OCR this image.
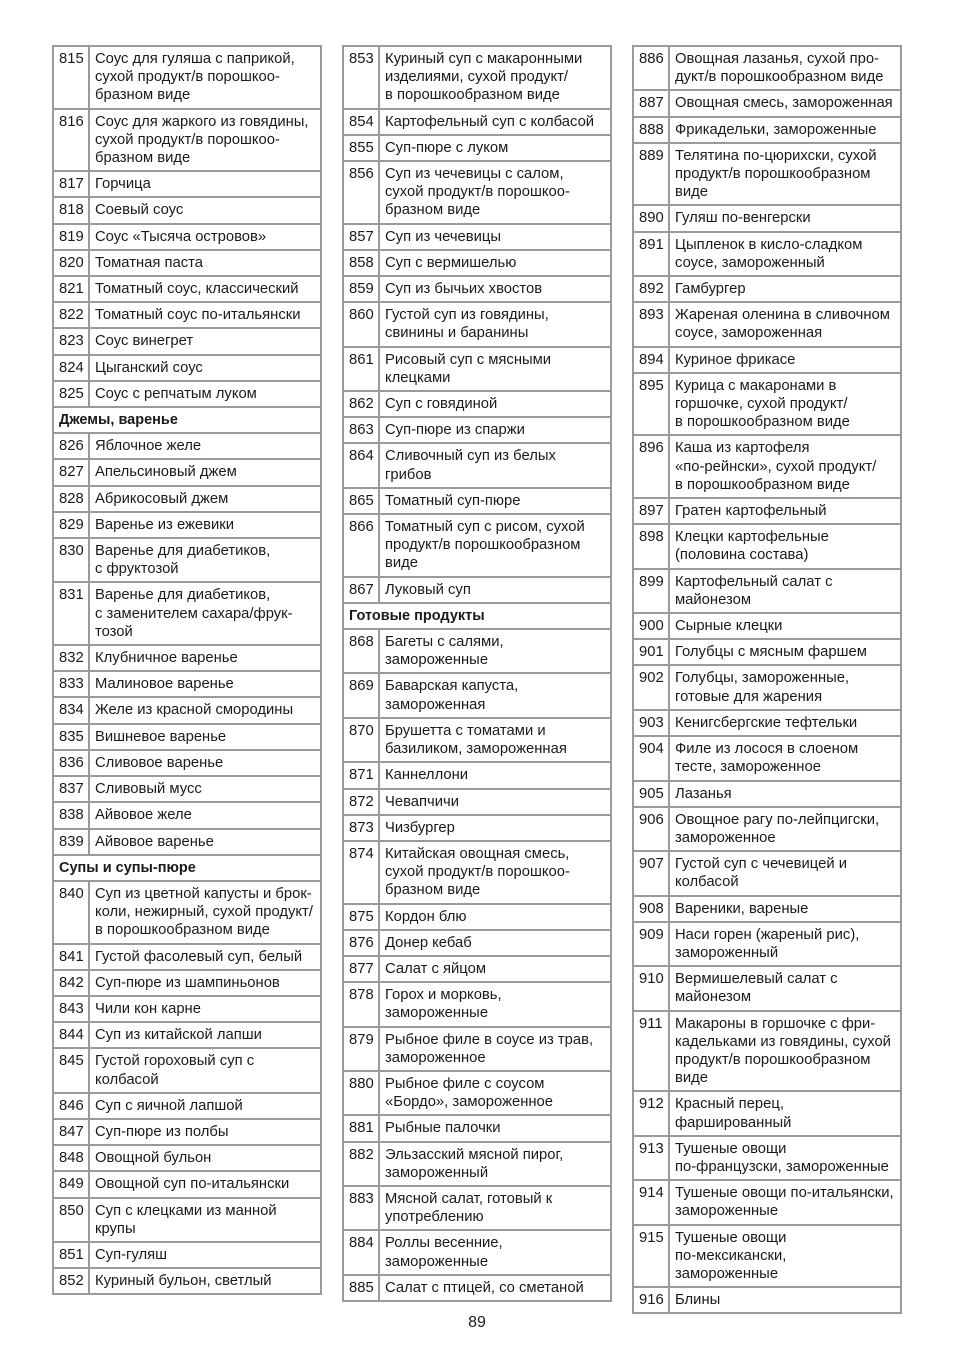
815	Соус для гуляша с паприкой,
сухой продукт/в порошкоо-
бразном виде
816	Соус для жаркого из говядины,
сухой продукт/в порошкоо-
бразном виде
817	Горчица
818	Соевый соус
819	Соус «Тысяча островов»
820	Томатная паста
821	Томатный соус, классический
822	Томатный соус по-итальянски
823	Соус винегрет
824	Цыганский соус
825	Соус с репчатым луком
Джемы, варенье	
826	Яблочное желе
827	Апельсиновый джем
828	Абрикосовый джем
829	Варенье из ежевики
830	Варенье для диабетиков,
с фруктозой
831	Варенье для диабетиков,
с заменителем сахара/фрук-
тозой
832	Клубничное варенье
833	Малиновое варенье
834	Желе из красной смородины
835	Вишневое варенье
836	Сливовое варенье
837	Сливовый мусс
838	Айвовое желе
839	Айвовое варенье
Супы и супы-пюре	
840	Суп из цветной капусты и брок-
коли, нежирный, сухой продукт/
в порошкообразном виде
841	Густой фасолевый суп, белый
842	Суп-пюре из шампиньонов
843	Чили кон карне
844	Суп из китайской лапши
845	Густой гороховый суп с
колбасой
846	Суп с яичной лапшой
847	Суп-пюре из полбы
848	Овощной бульон
849	Овощной суп по-итальянски
850	Суп с клецками из манной
крупы
851	Суп-гуляш
852	Куриный бульон, светлый
853	Куриный суп с макаронными
изделиями, сухой продукт/
в порошкообразном виде
854	Картофельный суп с колбасой
855	Суп-пюре с луком
856	Суп из чечевицы с салом,
сухой продукт/в порошкоо-
бразном виде
857	Суп из чечевицы
858	Суп с вермишелью
859	Суп из бычьих хвостов
860	Густой суп из говядины,
свинины и баранины
861	Рисовый суп с мясными
клецками
862	Суп с говядиной
863	Суп-пюре из спаржи
864	Сливочный суп из белых
грибов
865	Томатный суп-пюре
866	Томатный суп с рисом, сухой
продукт/в порошкообразном
виде
867	Луковый суп
Готовые продукты	
868	Багеты с салями,
замороженные
869	Баварская капуста,
замороженная
870	Брушетта с томатами и
базиликом, замороженная
871	Каннеллони
872	Чевапчичи
873	Чизбургер
874	Китайская овощная смесь,
сухой продукт/в порошкоо-
бразном виде
875	Кордон блю
876	Донер кебаб
877	Салат с яйцом
878	Горох и морковь,
замороженные
879	Рыбное филе в соусе из трав,
замороженное
880	Рыбное филе с соусом
«Бордо», замороженное
881	Рыбные палочки
882	Эльзасский мясной пирог,
замороженный
883	Мясной салат, готовый к
употреблению
884	Роллы весенние,
замороженные
885	Салат с птицей, со сметаной
886	Овощная лазанья, сухой про-
дукт/в порошкообразном виде
887	Овощная смесь, замороженная
888	Фрикадельки, замороженные
889	Телятина по-цюрихски, сухой
продукт/в порошкообразном
виде
890	Гуляш по-венгерски
891	Цыпленок в кисло-сладком
соусе, замороженный
892	Гамбургер
893	Жареная оленина в сливочном
соусе, замороженная
894	Куриное фрикасе
895	Курица с макаронами в
горшочке, сухой продукт/
в порошкообразном виде
896	Каша из картофеля
«по-рейнски», сухой продукт/
в порошкообразном виде
897	Гратен картофельный
898	Клецки картофельные
(половина состава)
899	Картофельный салат с
майонезом
900	Сырные клецки
901	Голубцы с мясным фаршем
902	Голубцы, замороженные,
готовые для жарения
903	Кенигсбергские тефтельки
904	Филе из лосося в слоеном
тесте, замороженное
905	Лазанья
906	Овощное рагу по-лейпцигски,
замороженное
907	Густой суп с чечевицей и
колбасой
908	Вареники, вареные
909	Наси горен (жареный рис),
замороженный
910	Вермишелевый салат с
майонезом
911	Макароны в горшочке с фри-
кадельками из говядины, сухой
продукт/в порошкообразном
виде
912	Красный перец,
фаршированный
913	Тушеные овощи
по-французски, замороженные
914	Тушеные овощи по-итальянски,
замороженные
915	Тушеные овощи
по-мексикански,
замороженные
916	Блины
89
